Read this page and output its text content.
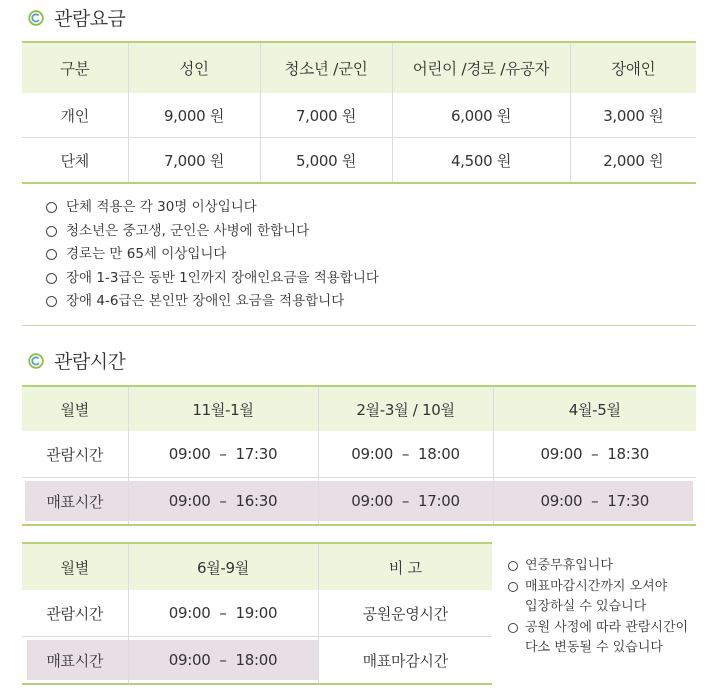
관람요금
구분	성인	청소년 /군인	어린이 /경로 /유공자	장애인
개인	9,000 원	7,000 원	6,000 원	3,000 원
단체	7,000 원	5,000 원	4,500 원	2,000 원
단체 적용은 각 30명 이상입니다
청소년은 중고생, 군인은 사병에 한합니다
경로는 만 65세 이상입니다
장애 1-3급은 동반 1인까지 장애인요금을 적용합니다
장애 4-6급은 본인만 장애인 요금을 적용합니다
관람시간
월별	11월-1월	2월-3월 / 10월	4월-5월
관람시간	09:00  –  17:30	09:00  –  18:00	09:00  –  18:30

매표시간	09:00  –  16:30	09:00  –  17:00	09:00  –  17:30
월별	6월-9월	비 고
관람시간	09:00  –  19:00	공원운영시간

매표시간	09:00  –  18:00	매표마감시간
연중무휴입니다
매표마감시간까지 오셔야
입장하실 수 있습니다
공원 사정에 따라 관람시간이
다소 변동될 수 있습니다
